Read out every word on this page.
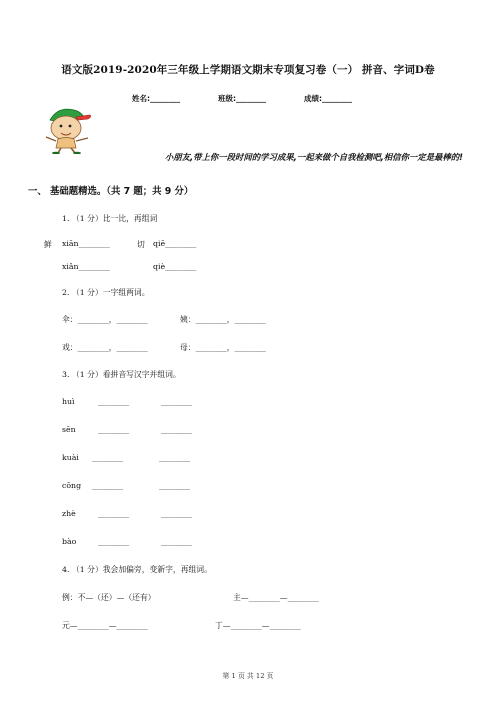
语文版2019-2020年三年级上学期语文期末专项复习卷（一） 拼音、字词D卷
姓名:________	班级:________	成绩:________
小朋友,带上你一段时间的学习成果,一起来做个自我检测吧,相信你一定是最棒的!
一、 基础题精选。（共 7 题；共 9 分）
1. （1 分）比一比，再组词
鲜 xiān________	切 qiē________
xiǎn________	qiè________
2. （1 分）一字组两词。
伞：________，________	姨：________，________
戏：________，________	母：________，________
3. （1 分）看拼音写汉字并组词。
huì	________	________
sēn	________	________
kuài ________	________
cōng ________	________
zhè	________	________
bào	________	________
4. （1 分）我会加偏旁，变新字，再组词。
例：不—（还）—（还有）	主—________—________
元—________—________	丁—________—________
第 1 页 共 12 页
